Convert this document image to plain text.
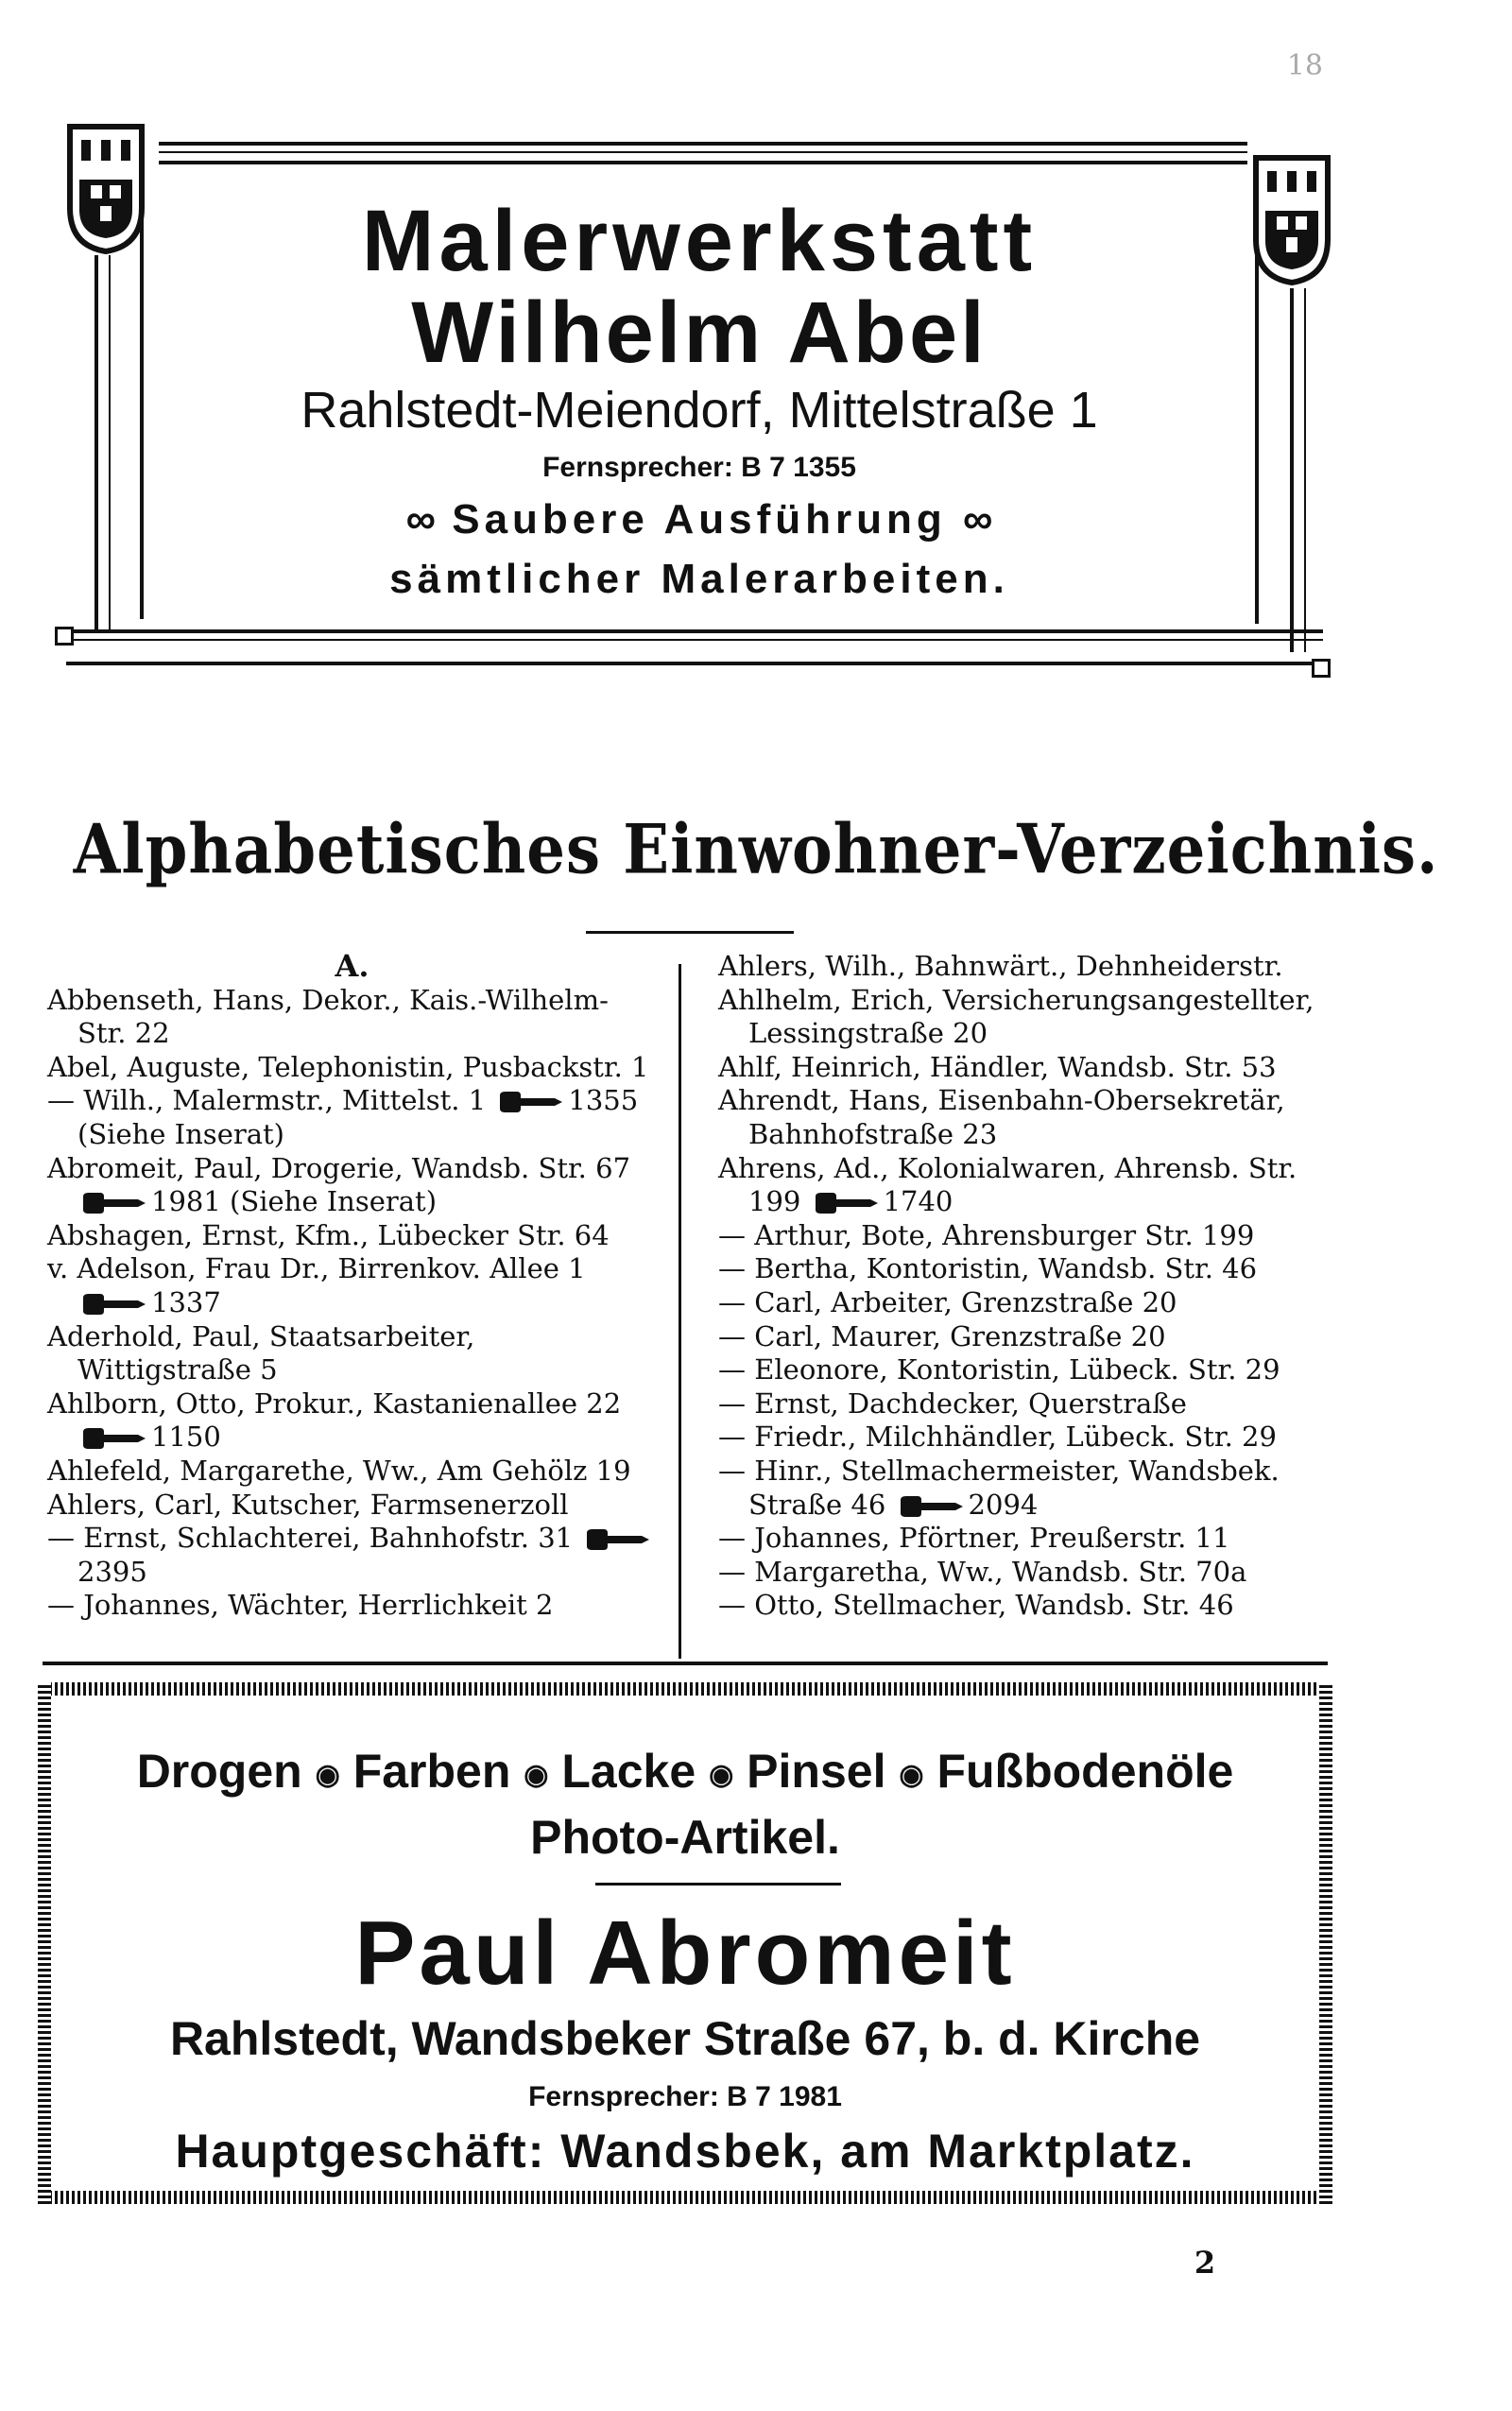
18
Malerwerkstatt
Wilhelm Abel
Rahlstedt-Meiendorf, Mittelstraße 1
Fernsprecher: B 7 1355
∞ Saubere Ausführung ∞
sämtlicher Malerarbeiten.
Alphabetisches Einwohner-Verzeichnis.
A.
Abbenseth, Hans, Dekor., Kais.-Wilhelm-Str. 22
Abel, Auguste, Telephonistin, Pusbackstr. 1
— Wilh., Malermstr., Mittelst. 1	1355 (Siehe Inserat)
Abromeit, Paul, Drogerie, Wandsb. Str. 67 1981 (Siehe Inserat)
Abshagen, Ernst, Kfm., Lübecker Str. 64
v. Adelson, Frau Dr., Birrenkov. Allee 1 1337
Aderhold, Paul, Staatsarbeiter, Wittigstraße 5
Ahlborn, Otto, Prokur., Kastanienallee 22 1150
Ahlefeld, Margarethe, Ww., Am Gehölz 19
Ahlers, Carl, Kutscher, Farmsenerzoll
— Ernst, Schlachterei, Bahnhofstr. 31 2395
— Johannes, Wächter, Herrlichkeit 2
Ahlers, Wilh., Bahnwärt., Dehnheiderstr.
Ahlhelm, Erich, Versicherungsangestellter, Lessingstraße 20
Ahlf, Heinrich, Händler, Wandsb. Str. 53
Ahrendt, Hans, Eisenbahn-Obersekretär, Bahnhofstraße 23
Ahrens, Ad., Kolonialwaren, Ahrensb. Str. 199	1740
— Arthur, Bote, Ahrensburger Str. 199
— Bertha, Kontoristin, Wandsb. Str. 46
— Carl, Arbeiter, Grenzstraße 20
— Carl, Maurer, Grenzstraße 20
— Eleonore, Kontoristin, Lübeck. Str. 29
— Ernst, Dachdecker, Querstraße
— Friedr., Milchhändler, Lübeck. Str. 29
— Hinr., Stellmachermeister, Wandsbek. Straße 46	2094
— Johannes, Pförtner, Preußerstr. 11
— Margaretha, Ww., Wandsb. Str. 70a
— Otto, Stellmacher, Wandsb. Str. 46
Drogen ◉ Farben ◉ Lacke ◉ Pinsel ◉ Fußbodenöle
Photo-Artikel.
Paul Abromeit
Rahlstedt, Wandsbeker Straße 67, b. d. Kirche
Fernsprecher: B 7 1981
Hauptgeschäft: Wandsbek, am Marktplatz.
2
